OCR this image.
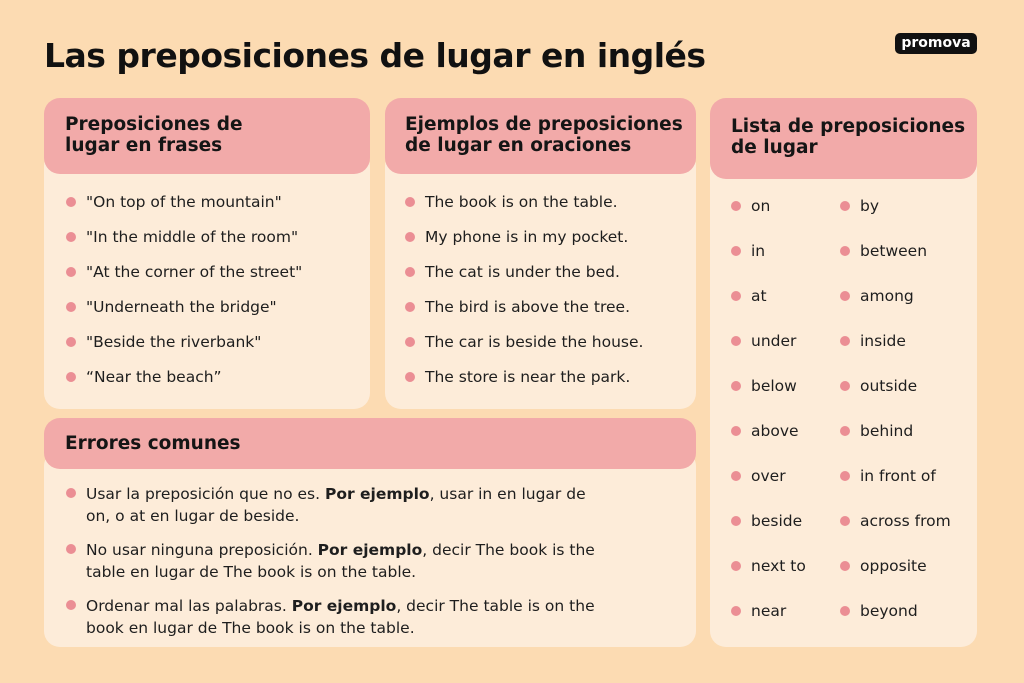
Las preposiciones de lugar en inglés	promova
Preposiciones de
lugar en frases
"On top of the mountain"
"In the middle of the room"
"At the corner of the street"
"Underneath the bridge"
"Beside the riverbank"
“Near the beach”
Ejemplos de preposiciones
de lugar en oraciones
The book is on the table.
My phone is in my pocket.
The cat is under the bed.
The bird is above the tree.
The car is beside the house.
The store is near the park.
Lista de preposiciones
de lugar
on
in
at
under
below
above
over
beside
next to
near
by
between
among
inside
outside
behind
in front of
across from
opposite
beyond
Errores comunes
Usar la preposición que no es. Por ejemplo, usar in en lugar de
on, o at en lugar de beside.
No usar ninguna preposición. Por ejemplo, decir The book is the
table en lugar de The book is on the table.
Ordenar mal las palabras. Por ejemplo, decir The table is on the
book en lugar de The book is on the table.
